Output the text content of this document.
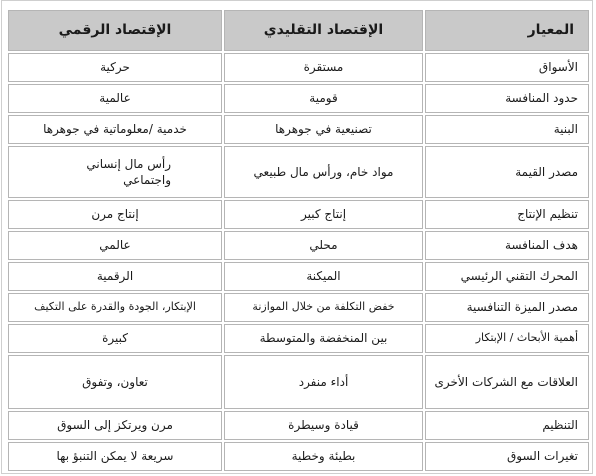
المعيار	الإقتصاد التقليدي	الإقتصاد الرقمي
الأسواق	مستقرة	حركية
حدود المنافسة	قومية	عالمية
البنية	تصنيعية في جوهرها	خدمية /معلوماتية في جوهرها
مصدر القيمة	مواد خام، ورأس مال طبيعي	رأس مال إنساني واجتماعي
تنظيم الإنتاج	إنتاج كبير	إنتاج مرن
هدف المنافسة	محلي	عالمي
المحرك التقني الرئيسي	الميكنة	الرقمية
مصدر الميزة التنافسية	خفض التكلفة من خلال الموازنة	الإبتكار، الجودة والقدرة على التكيف
أهمية الأبحاث / الإبتكار	بين المنخفضة والمتوسطة	كبيرة
العلاقات مع الشركات الأخرى	أداء منفرد	تعاون، وتفوق
التنظيم	قيادة وسيطرة	مرن ويرتكز إلى السوق
تغيرات السوق	بطيئة وخطية	سريعة لا يمكن التنبؤ بها
